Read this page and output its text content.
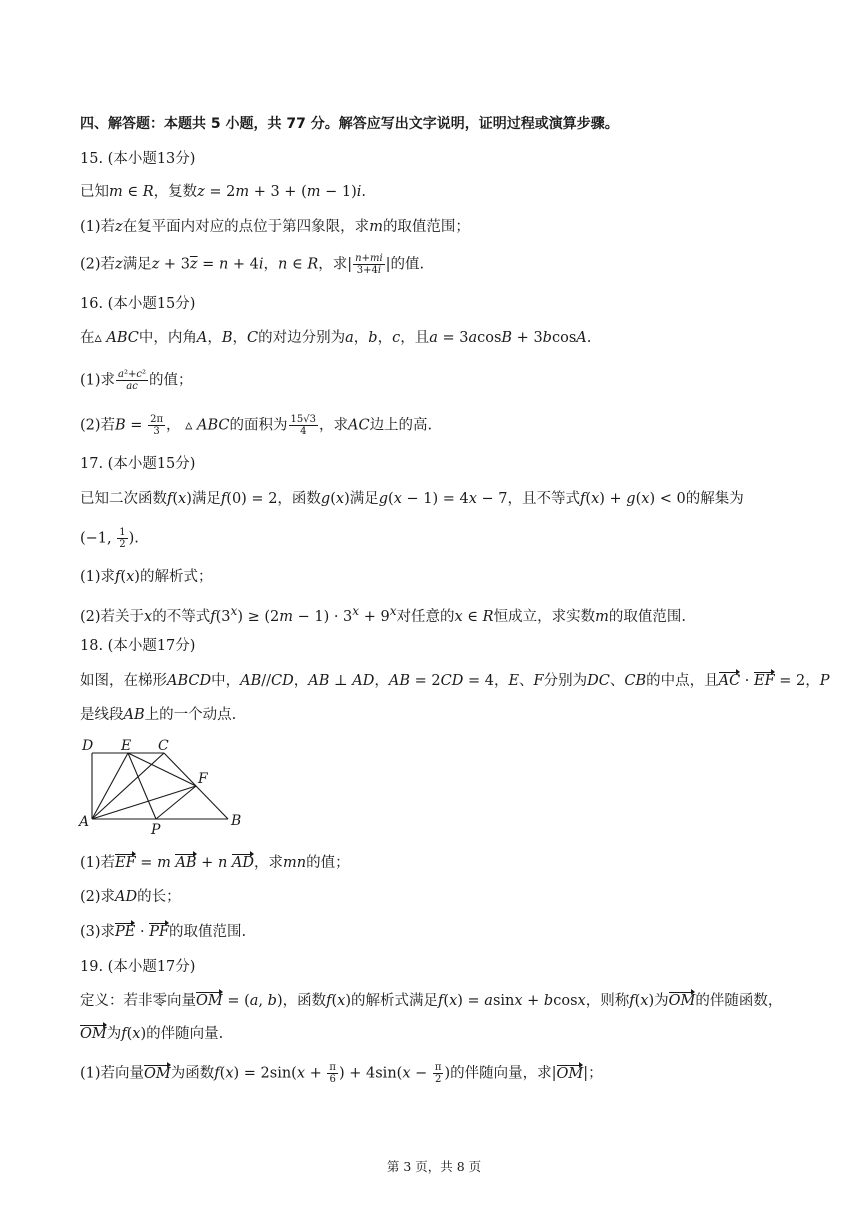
四、解答题：本题共 5 小题，共 77 分。解答应写出文字说明，证明过程或演算步骤。
15. (本小题13分)
已知m ∈ R，复数z = 2m + 3 + (m − 1)i.
(1)若z在复平面内对应的点位于第四象限，求m的取值范围；
(2)若z满足$z + 3\overline{z} = n + 4i$，n ∈ R，求| $\frac{n+mi}{3+4i}$ |的值.
16. (本小题15分)
在▵ ABC中，内角A，B，C的对边分别为a，b，c，且a = 3acosB + 3bcosA.
(1)求 $\frac{\text{a²+c²}}{ac}$ 的值；
(2)若$B = \frac{2\pi}{3}$ ， ▵ ABC的面积为 $\frac{15√3}{4}$ ，求AC边上的高.
17. (本小题15分)
已知二次函数f(x)满足f(0) = 2，函数g(x)满足g(x − 1) = 4x − 7，且不等式f(x) + g(x) < 0的解集为
(−1, $\frac{1}{2}$ ).
(1)求f(x)的解析式；
(2)若关于x的不等式$f(3^x) \ge (2m - 1) \cdot 3^x + 9^x$对任意的x ∈ R恒成立，求实数m的取值范围.
18. (本小题17分)
如图，在梯形ABCD中，AB//CD，AB ⊥ AD，AB = 2CD = 4，E、F分别为DC、CB的中点，且AC · EF = 2，P
是线段AB上的一个动点.
D E C
F
A	P
B
(1)若EF = m AB + n AD，求mn的值；
(2)求AD的长；
(3)求PE · PF的取值范围.
19. (本小题17分)
定义：若非零向量OM = (a, b)，函数f(x)的解析式满足f(x) = asinx + bcosx，则称f(x)为OM的伴随函数，
OM为f(x)的伴随向量.
(1)若向量OM为函数$f(x) = 2\sin(x + \frac{\pi}{6}$ ) + $4\sin(x - \frac{\pi}{2}$ )的伴随向量，求|OM|；
第 3 页，共 8 页
